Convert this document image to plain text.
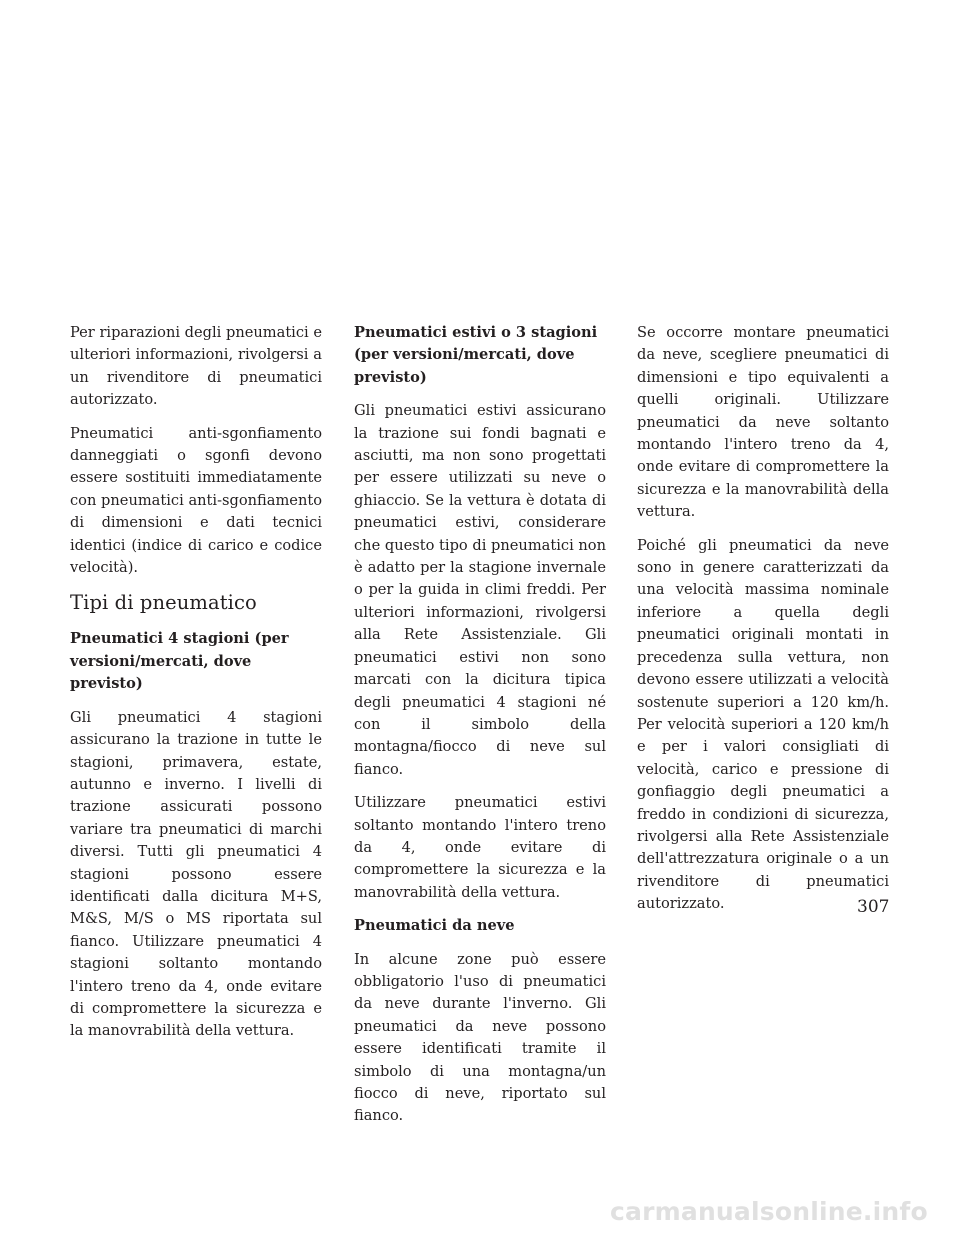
Per riparazioni degli pneumatici e ulteriori informazioni, rivolgersi a un rivenditore di pneumatici autorizzato.

Pneumatici anti-sgonfiamento danneggiati o sgonfi devono essere sostituiti immediatamente con pneumatici anti-sgonfiamento di dimensioni e dati tecnici identici (indice di carico e codice velocità).

Tipi di pneumatico
Pneumatici 4 stagioni (per versioni/mercati, dove previsto)

Gli pneumatici 4 stagioni assicurano la trazione in tutte le stagioni, primavera, estate, autunno e inverno. I livelli di trazione assicurati possono variare tra pneumatici di marchi diversi. Tutti gli pneumatici 4 stagioni possono essere identificati dalla dicitura M+S, M&S, M/S o MS riportata sul fianco. Utilizzare pneumatici 4 stagioni soltanto montando l'intero treno da 4, onde evitare di compromettere la sicurezza e la manovrabilità della vettura.

Pneumatici estivi o 3 stagioni (per versioni/mercati, dove previsto)

Gli pneumatici estivi assicurano la trazione sui fondi bagnati e asciutti, ma non sono progettati per essere utilizzati su neve o ghiaccio. Se la vettura è dotata di pneumatici estivi, considerare che questo tipo di pneumatici non è adatto per la stagione invernale o per la guida in climi freddi. Per ulteriori informazioni, rivolgersi alla Rete Assistenziale. Gli pneumatici estivi non sono marcati con la dicitura tipica degli pneumatici 4 stagioni né con il simbolo della montagna/fiocco di neve sul fianco.

Utilizzare pneumatici estivi soltanto montando l'intero treno da 4, onde evitare di compromettere la sicurezza e la manovrabilità della vettura.

Pneumatici da neve

In alcune zone può essere obbligatorio l'uso di pneumatici da neve durante l'inverno. Gli pneumatici da neve possono essere identificati tramite il simbolo di una montagna/un fiocco di neve, riportato sul fianco.

Se occorre montare pneumatici da neve, scegliere pneumatici di dimensioni e tipo equivalenti a quelli originali. Utilizzare pneumatici da neve soltanto montando l'intero treno da 4, onde evitare di compromettere la sicurezza e la manovrabilità della vettura.

Poiché gli pneumatici da neve sono in genere caratterizzati da una velocità massima nominale inferiore a quella degli pneumatici originali montati in precedenza sulla vettura, non devono essere utilizzati a velocità sostenute superiori a 120 km/h. Per velocità superiori a 120 km/h e per i valori consigliati di velocità, carico e pressione di gonfiaggio degli pneumatici a freddo in condizioni di sicurezza, rivolgersi alla Rete Assistenziale dell'attrezzatura originale o a un rivenditore di pneumatici autorizzato.	307
carmanualsonline.info
